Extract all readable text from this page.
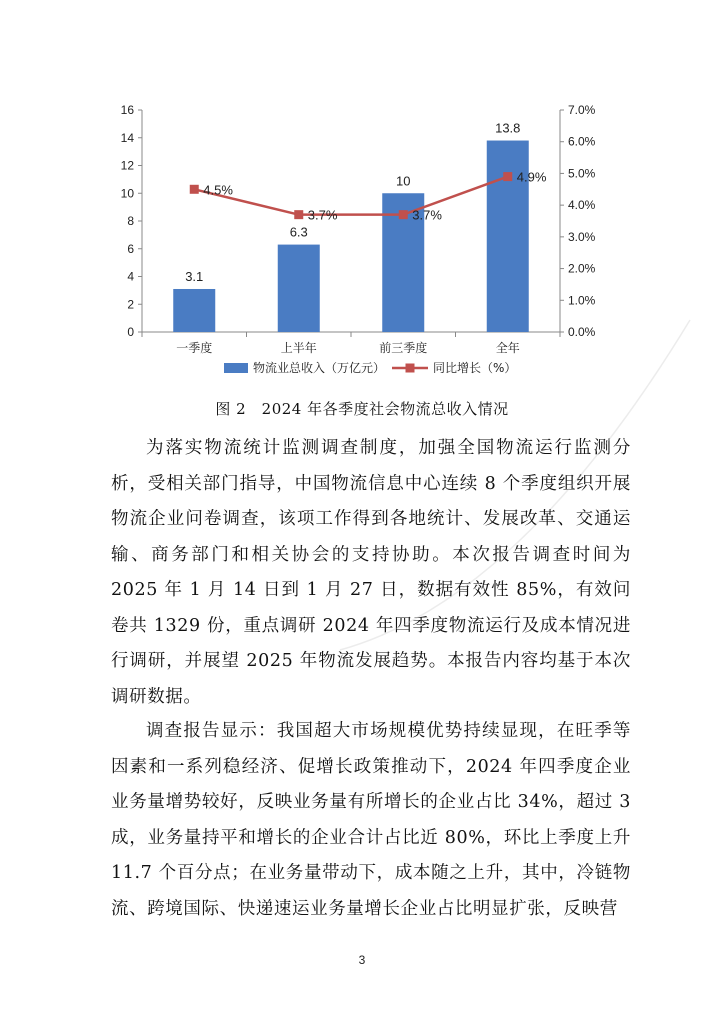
0
2
4
6
8
10
12
14
16
0.0%
1.0%
2.0%
3.0%
4.0%
5.0%
6.0%
7.0%
一季度	上半年	前三季度	全年
3.1
6.3
10
13.8
4.5%
3.7%	3.7%
4.9%
物流业总收入（万亿元）	同比增长（%）
图 2　2024 年各季度社会物流总收入情况

为落实物流统计监测调查制度，加强全国物流运行监测分析，受相关部门指导，中国物流信息中心连续 8 个季度组织开展物流企业问卷调查，该项工作得到各地统计、发展改革、交通运输、商务部门和相关协会的支持协助。本次报告调查时间为 2025 年 1 月 14 日到 1 月 27 日，数据有效性 85%，有效问卷共 1329 份，重点调研 2024 年四季度物流运行及成本情况进行调研，并展望 2025 年物流发展趋势。本报告内容均基于本次调研数据。

调查报告显示：我国超大市场规模优势持续显现，在旺季等因素和一系列稳经济、促增长政策推动下，2024 年四季度企业业务量增势较好，反映业务量有所增长的企业占比 34%，超过 3 成，业务量持平和增长的企业合计占比近 80%，环比上季度上升 11.7 个百分点；在业务量带动下，成本随之上升，其中，冷链物流、跨境国际、快递速运业务量增长企业占比明显扩张，反映营

3
